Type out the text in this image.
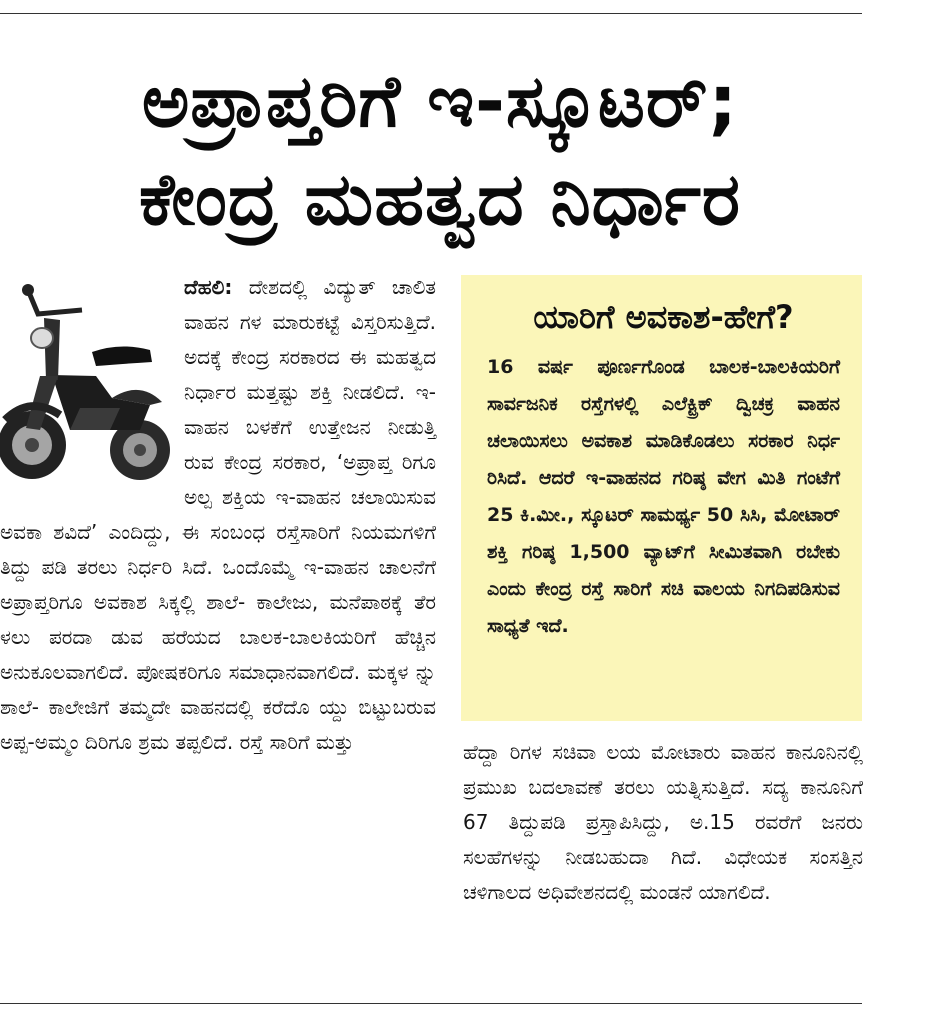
ಅಪ್ರಾಪ್ತರಿಗೆ ಇ-ಸ್ಕೂಟರ್;
ಕೇಂದ್ರ ಮಹತ್ವದ ನಿರ್ಧಾರ

ದೆಹಲಿ:
ದೇಶದಲ್ಲಿ ವಿದ್ಯುತ್ ಚಾಲಿತ ವಾಹನ ಗಳ ಮಾರುಕಟ್ಟೆ ವಿಸ್ತರಿಸುತ್ತಿದೆ. ಅದಕ್ಕೆ ಕೇಂದ್ರ ಸರಕಾರದ ಈ ಮಹತ್ವದ ನಿರ್ಧಾರ ಮತ್ತಷ್ಟು ಶಕ್ತಿ ನೀಡಲಿದೆ. ಇ-ವಾಹನ ಬಳಕೆಗೆ ಉತ್ತೇಜನ ನೀಡುತ್ತಿ ರುವ ಕೇಂದ್ರ ಸರಕಾರ, ‘ಅಪ್ರಾಪ್ತ ರಿಗೂ ಅಲ್ಪ ಶಕ್ತಿಯ ಇ-ವಾಹನ ಚಲಾಯಿಸುವ ಅವಕಾ ಶವಿದೆ’ ಎಂದಿದ್ದು, ಈ ಸಂಬಂಧ ರಸ್ತೆಸಾರಿಗೆ ನಿಯಮಗಳಿಗೆ ತಿದ್ದು ಪಡಿ ತರಲು ನಿರ್ಧರಿ ಸಿದೆ. ಒಂದೊಮ್ಮೆ ಇ-ವಾಹನ ಚಾಲನೆಗೆ ಅಪ್ರಾಪ್ತರಿಗೂ ಅವಕಾಶ ಸಿಕ್ಕಲ್ಲಿ ಶಾಲೆ- ಕಾಲೇಜು, ಮನೆಪಾಠಕ್ಕೆ ತೆರ ಳಲು ಪರದಾ ಡುವ ಹರೆಯದ ಬಾಲಕ-ಬಾಲಕಿಯರಿಗೆ ಹೆಚ್ಚಿನ ಅನುಕೂಲವಾಗಲಿದೆ. ಪೋಷಕರಿಗೂ ಸಮಾಧಾನವಾಗಲಿದೆ. ಮಕ್ಕಳ ನ್ನು ಶಾಲೆ- ಕಾಲೇಜಿಗೆ ತಮ್ಮದೇ ವಾಹನದಲ್ಲಿ ಕರೆದೊ ಯ್ದು ಬಿಟ್ಟುಬರುವ ಅಪ್ಪ-ಅಮ್ಮಂ ದಿರಿಗೂ ಶ್ರಮ ತಪ್ಪಲಿದೆ. ರಸ್ತೆ ಸಾರಿಗೆ ಮತ್ತು

ಯಾರಿಗೆ ಅವಕಾಶ-ಹೇಗೆ?

16 ವರ್ಷ ಪೂರ್ಣಗೊಂಡ ಬಾಲಕ-ಬಾಲಕಿಯರಿಗೆ ಸಾರ್ವಜನಿಕ ರಸ್ತೆಗಳಲ್ಲಿ ಎಲೆಕ್ಟ್ರಿಕ್ ದ್ವಿಚಕ್ರ ವಾಹನ ಚಲಾಯಿಸಲು ಅವಕಾಶ ಮಾಡಿಕೊಡಲು ಸರಕಾರ ನಿರ್ಧ ರಿಸಿದೆ. ಆದರೆ ಇ-ವಾಹನದ ಗರಿಷ್ಠ ವೇಗ ಮಿತಿ ಗಂಟೆಗೆ 25 ಕಿ.ಮೀ., ಸ್ಕೂಟರ್ ಸಾಮರ್ಥ್ಯ 50 ಸಿಸಿ, ಮೋಟಾರ್ ಶಕ್ತಿ ಗರಿಷ್ಠ 1,500 ವ್ಯಾಟ್‌ಗೆ ಸೀಮಿತವಾಗಿ ರಬೇಕು ಎಂದು ಕೇಂದ್ರ ರಸ್ತೆ ಸಾರಿಗೆ ಸಚಿ ವಾಲಯ ನಿಗದಿಪಡಿಸುವ ಸಾಧ್ಯತೆ ಇದೆ.

ಹೆದ್ದಾ ರಿಗಳ ಸಚಿವಾ ಲಯ ಮೋಟಾರು ವಾಹನ ಕಾನೂನಿನಲ್ಲಿ ಪ್ರಮುಖ ಬದಲಾವಣೆ ತರಲು ಯತ್ನಿಸುತ್ತಿದೆ. ಸದ್ಯ ಕಾನೂನಿಗೆ 67 ತಿದ್ದುಪಡಿ ಪ್ರಸ್ತಾಪಿಸಿದ್ದು, ಅ.15 ರವರೆಗೆ ಜನರು ಸಲಹೆಗಳನ್ನು ನೀಡಬಹುದಾ ಗಿದೆ. ವಿಧೇಯಕ ಸಂಸತ್ತಿನ ಚಳಿಗಾಲದ ಅಧಿವೇಶನದಲ್ಲಿ ಮಂಡನೆ ಯಾಗಲಿದೆ.
